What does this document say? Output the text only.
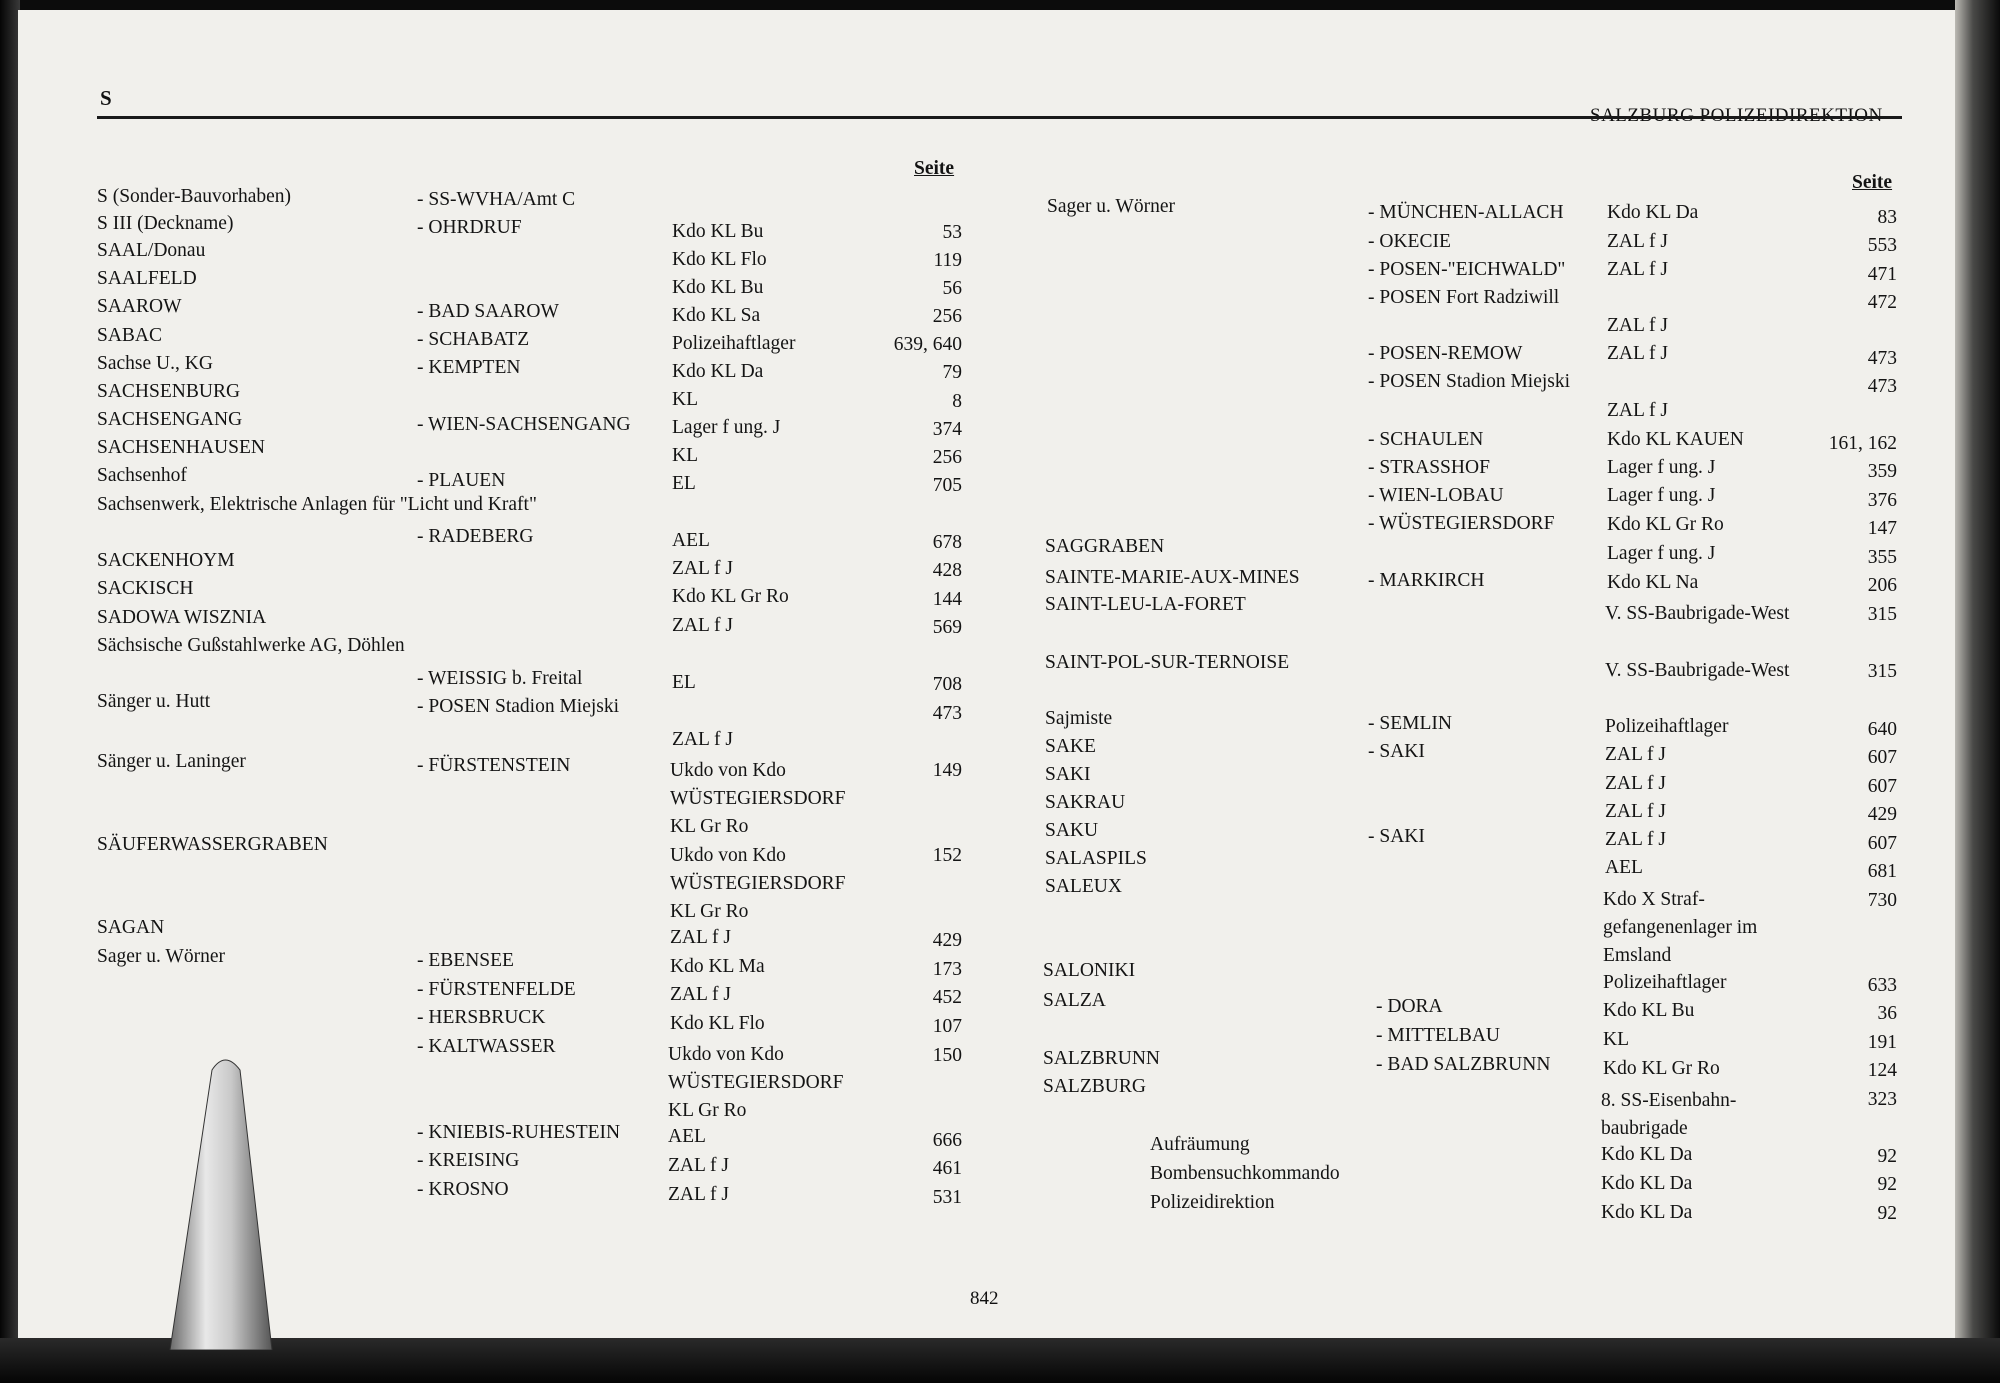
S
SALZBURG POLIZEIDIREKTION
Seite
Seite
S (Sonder-Bauvorhaben)
S III (Deckname)
SAAL/Donau
SAALFELD
SAAROW
SABAC
Sachse U., KG
SACHSENBURG
SACHSENGANG
SACHSENHAUSEN
Sachsenhof
Sachsenwerk, Elektrische Anlagen für "Licht und Kraft"
SACKENHOYM
SACKISCH
SADOWA WISZNIA
Sächsische Gußstahlwerke AG, Döhlen
Sänger u. Hutt
Sänger u. Laninger
SÄUFERWASSERGRABEN
SAGAN
Sager u. Wörner
- SS-WVHA/Amt C
- OHRDRUF
- BAD SAAROW
- SCHABATZ
- KEMPTEN
- WIEN-SACHSENGANG
- PLAUEN
- RADEBERG
- WEISSIG b. Freital
- POSEN Stadion Miejski
- FÜRSTENSTEIN
- EBENSEE
- FÜRSTENFELDE
- HERSBRUCK
- KALTWASSER
- KNIEBIS-RUHESTEIN
- KREISING
- KROSNO
Kdo KL Bu
Kdo KL Flo
Kdo KL Bu
Kdo KL Sa
Polizeihaftlager
Kdo KL Da
KL
Lager f ung. J
KL
EL
AEL
ZAL f J
Kdo KL Gr Ro
ZAL f J
EL
ZAL f J
Ukdo von Kdo WÜSTEGIERSDORF KL Gr Ro
Ukdo von Kdo WÜSTEGIERSDORF KL Gr Ro
ZAL f J
Kdo KL Ma
ZAL f J
Kdo KL Flo
Ukdo von Kdo WÜSTEGIERSDORF KL Gr Ro
AEL
ZAL f J
ZAL f J
53
119
56
256
639, 640
79
8
374
256
705
678
428
144
569
708
473
149
152
429
173
452
107
150
666
461
531
Sager u. Wörner
SAGGRABEN
SAINTE-MARIE-AUX-MINES
SAINT-LEU-LA-FORET
SAINT-POL-SUR-TERNOISE
Sajmiste
SAKE
SAKI
SAKRAU
SAKU
SALASPILS
SALEUX
SALONIKI
SALZA
SALZBRUNN
SALZBURG
- MÜNCHEN-ALLACH
- OKECIE
- POSEN-"EICHWALD"
- POSEN Fort Radziwill
- POSEN-REMOW
- POSEN Stadion Miejski
- SCHAULEN
- STRASSHOF
- WIEN-LOBAU
- WÜSTEGIERSDORF
- MARKIRCH
- SEMLIN
- SAKI
- SAKI
- DORA
- MITTELBAU
- BAD SALZBRUNN
Aufräumung
Bombensuchkommando
Polizeidirektion
Kdo KL Da
ZAL f J
ZAL f J
ZAL f J
ZAL f J
ZAL f J
Kdo KL KAUEN
Lager f ung. J
Lager f ung. J
Kdo KL Gr Ro
Lager f ung. J
Kdo KL Na
V. SS-Baubrigade-West
V. SS-Baubrigade-West
Polizeihaftlager
ZAL f J
ZAL f J
ZAL f J
ZAL f J
AEL
Kdo X Straf-gefangenenlager im Emsland
Polizeihaftlager
Kdo KL Bu
KL
Kdo KL Gr Ro
8. SS-Eisenbahn-baubrigade
Kdo KL Da
Kdo KL Da
Kdo KL Da
83
553
471
472
473
473
161, 162
359
376
147
355
206
315
315
640
607
607
429
607
681
730
633
36
191
124
323
92
92
92
842
